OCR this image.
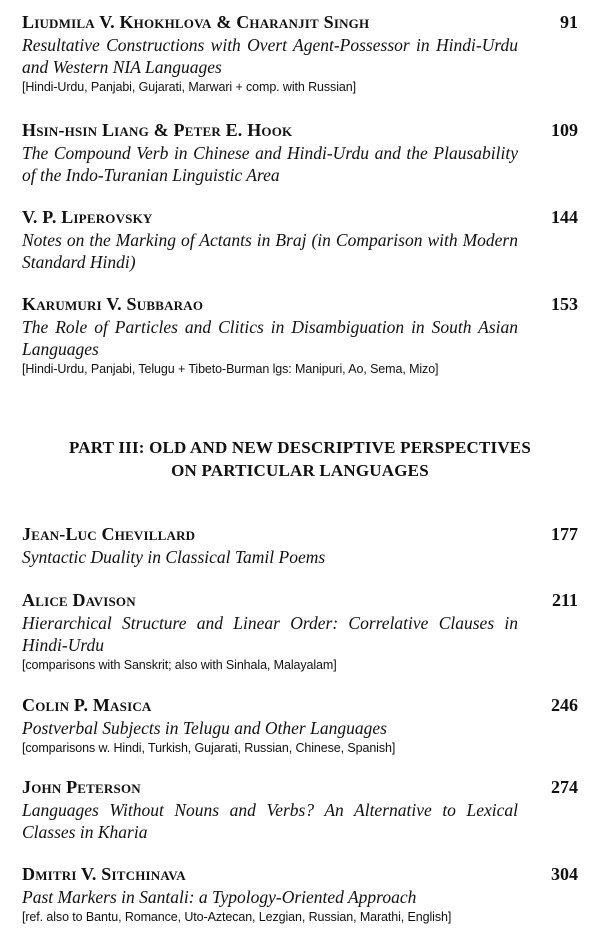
Liudmila V. Khokhlova & Charanjit Singh	91
Resultative Constructions with Overt Agent-Possessor in Hindi-Urdu and Western NIA Languages
[Hindi-Urdu, Panjabi, Gujarati, Marwari + comp. with Russian]
Hsin-hsin Liang & Peter E. Hook	109
The Compound Verb in Chinese and Hindi-Urdu and the Plausability of the Indo-Turanian Linguistic Area
V. P. Liperovsky	144
Notes on the Marking of Actants in Braj (in Comparison with Modern Standard Hindi)
Karumuri V. Subbarao	153
The Role of Particles and Clitics in Disambiguation in South Asian Languages
[Hindi-Urdu, Panjabi, Telugu + Tibeto-Burman lgs: Manipuri, Ao, Sema, Mizo]
PART III: OLD AND NEW DESCRIPTIVE PERSPECTIVES
ON PARTICULAR LANGUAGES
Jean-Luc Chevillard	177
Syntactic Duality in Classical Tamil Poems
Alice Davison	211
Hierarchical Structure and Linear Order: Correlative Clauses in Hindi-Urdu
[comparisons with Sanskrit; also with Sinhala, Malayalam]
Colin P. Masica	246
Postverbal Subjects in Telugu and Other Languages
[comparisons w. Hindi, Turkish, Gujarati, Russian, Chinese, Spanish]
John Peterson	274
Languages Without Nouns and Verbs? An Alternative to Lexical Classes in Kharia
Dmitri V. Sitchinava	304
Past Markers in Santali: a Typology-Oriented Approach
[ref. also to Bantu, Romance, Uto-Aztecan, Lezgian, Russian, Marathi, English]
